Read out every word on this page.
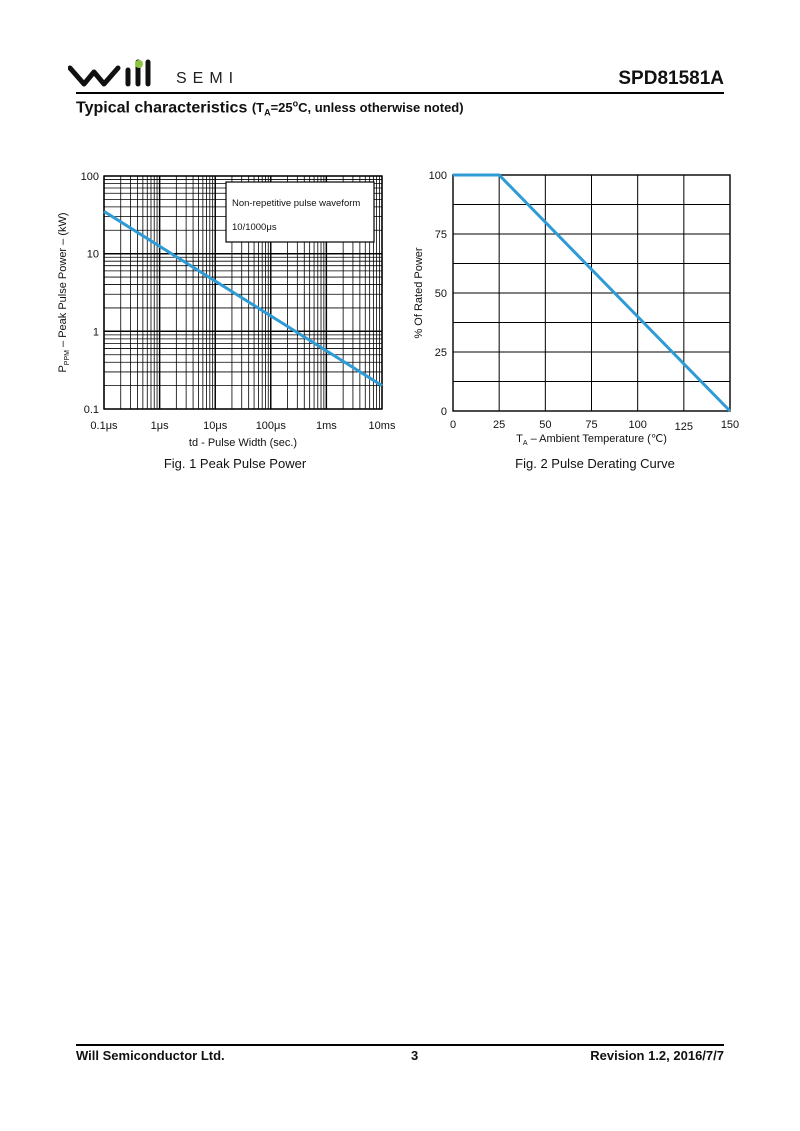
SEMI	SPD81581A
Typical characteristics ($T_A=25^oC$, unless otherwise noted)
0.1μs	1μs	10μs	100μs	1ms	10ms
100
10
1
0.1
td - Pulse Width (sec.)
$P_{PPM}$ – Peak Pulse Power – (kW)
Non-repetitive pulse waveform
10/1000μs
Fig. 1 Peak Pulse Power
0	25	50	75	100	125	150
0
25
50
75
100
$T_A$ – Ambient Temperature (℃)
% Of Rated Power
Fig. 2 Pulse Derating Curve
Will Semiconductor Ltd.	3	Revision 1.2, 2016/7/7
